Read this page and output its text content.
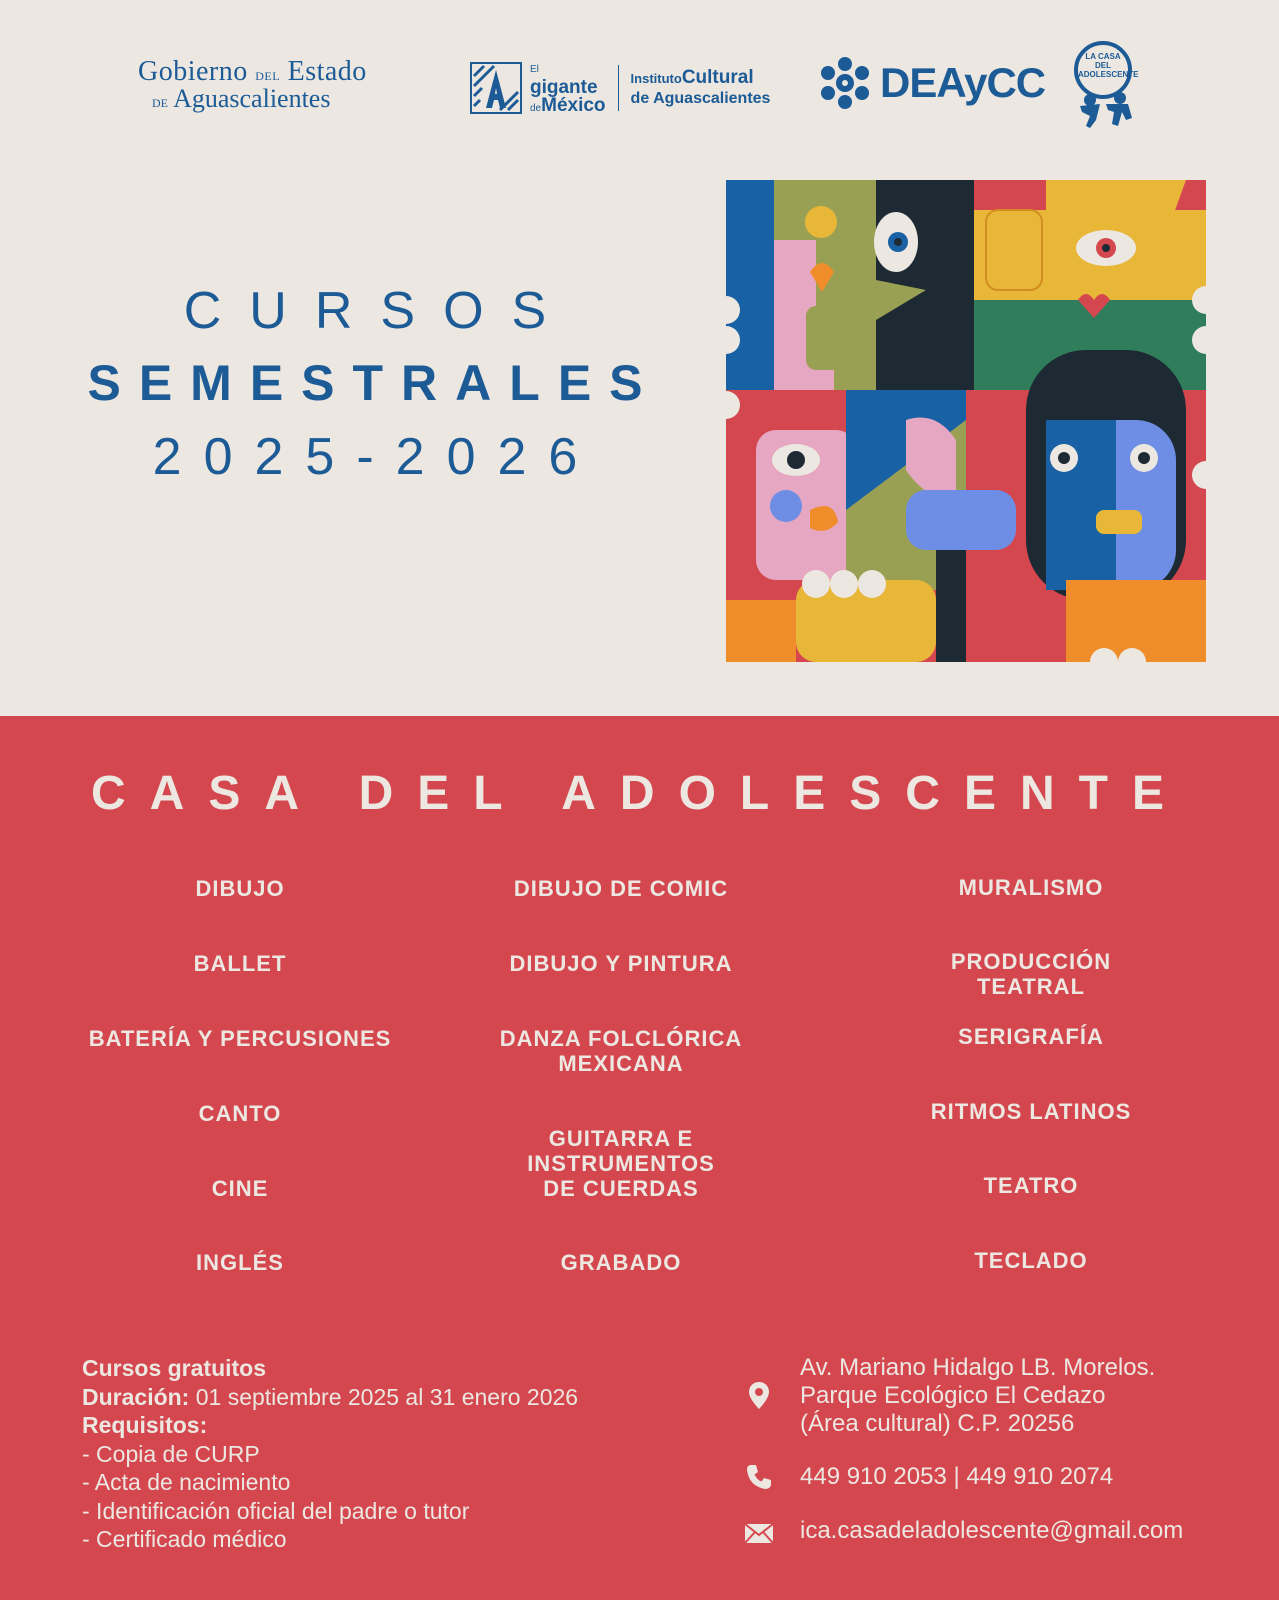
Gobierno DEL Estado
DE Aguascalientes
El
gigante
deMéxico
InstitutoCultural
de Aguascalientes	DEAyCC
LA CASA DEL ADOLESCENTE
CURSOS
SEMESTRALES
2025-2026
CASA DEL ADOLESCENTE
DIBUJO
BALLET
BATERÍA Y PERCUSIONES
CANTO
CINE
INGLÉS
DIBUJO DE COMIC
DIBUJO Y PINTURA
DANZA FOLCLÓRICA
MEXICANA
GUITARRA E
INSTRUMENTOS
DE CUERDAS
GRABADO
MURALISMO
PRODUCCIÓN TEATRAL
SERIGRAFÍA
RITMOS LATINOS
TEATRO
TECLADO
Cursos gratuitos
Duración: 01 septiembre 2025 al 31 enero 2026
Requisitos:
- Copia de CURP
- Acta de nacimiento
- Identificación oficial del padre o tutor
- Certificado médico
Av. Mariano Hidalgo LB. Morelos.
Parque Ecológico El Cedazo
(Área cultural) C.P. 20256
449 910 2053 | 449 910 2074
ica.casadeladolescente@gmail.com
